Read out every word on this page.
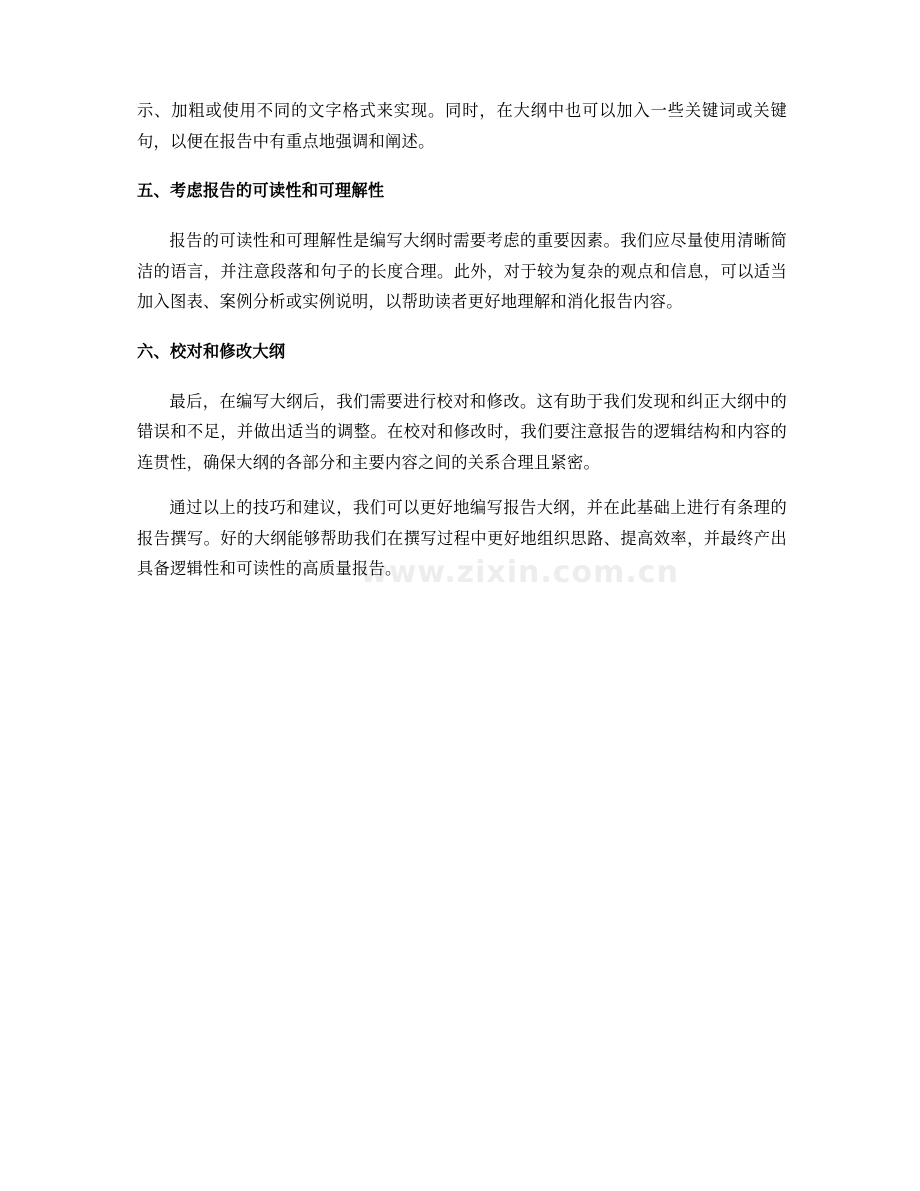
示、加粗或使用不同的文字格式来实现。同时，在大纲中也可以加入一些关键词或关键句，以便在报告中有重点地强调和阐述。

五、考虑报告的可读性和可理解性

报告的可读性和可理解性是编写大纲时需要考虑的重要因素。我们应尽量使用清晰简洁的语言，并注意段落和句子的长度合理。此外，对于较为复杂的观点和信息，可以适当加入图表、案例分析或实例说明，以帮助读者更好地理解和消化报告内容。

六、校对和修改大纲

最后，在编写大纲后，我们需要进行校对和修改。这有助于我们发现和纠正大纲中的错误和不足，并做出适当的调整。在校对和修改时，我们要注意报告的逻辑结构和内容的连贯性，确保大纲的各部分和主要内容之间的关系合理且紧密。

通过以上的技巧和建议，我们可以更好地编写报告大纲，并在此基础上进行有条理的报告撰写。好的大纲能够帮助我们在撰写过程中更好地组织思路、提高效率，并最终产出具备逻辑性和可读性的高质量报告。

www.zixin.com.cn
